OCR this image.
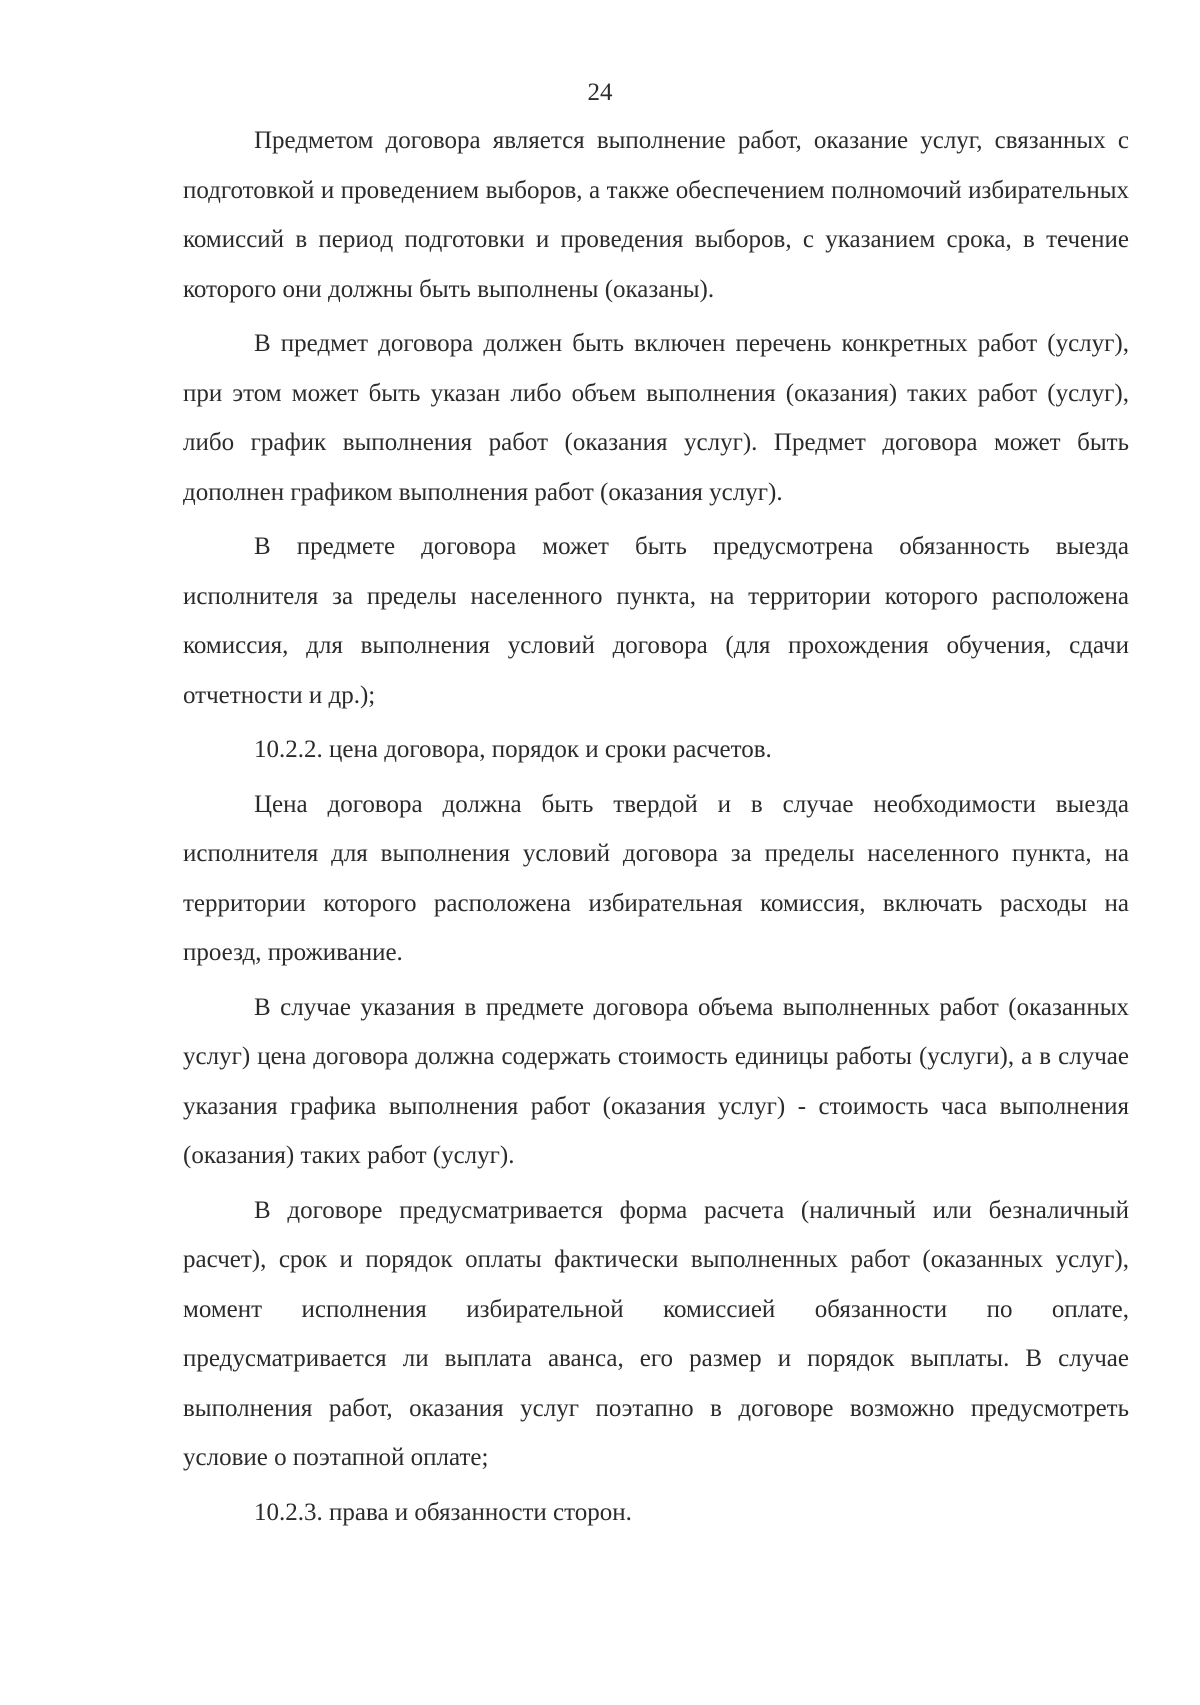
24

Предметом договора является выполнение работ, оказание услуг, связанных с подготовкой и проведением выборов, а также обеспечением полномочий избирательных комиссий в период подготовки и проведения выборов, с указанием срока, в течение которого они должны быть выполнены (оказаны).

В предмет договора должен быть включен перечень конкретных работ (услуг), при этом может быть указан либо объем выполнения (оказания) таких работ (услуг), либо график выполнения работ (оказания услуг). Предмет договора может быть дополнен графиком выполнения работ (оказания услуг).

В предмете договора может быть предусмотрена обязанность выезда исполнителя за пределы населенного пункта, на территории которого расположена комиссия, для выполнения условий договора (для прохождения обучения, сдачи отчетности и др.);

10.2.2. цена договора, порядок и сроки расчетов.

Цена договора должна быть твердой и в случае необходимости выезда исполнителя для выполнения условий договора за пределы населенного пункта, на территории которого расположена избирательная комиссия, включать расходы на проезд, проживание.

В случае указания в предмете договора объема выполненных работ (оказанных услуг) цена договора должна содержать стоимость единицы работы (услуги), а в случае указания графика выполнения работ (оказания услуг) - стоимость часа выполнения (оказания) таких работ (услуг).

В договоре предусматривается форма расчета (наличный или безналичный расчет), срок и порядок оплаты фактически выполненных работ (оказанных услуг), момент исполнения избирательной комиссией обязанности по оплате, предусматривается ли выплата аванса, его размер и порядок выплаты. В случае выполнения работ, оказания услуг поэтапно в договоре возможно предусмотреть условие о поэтапной оплате;

10.2.3. права и обязанности сторон.
